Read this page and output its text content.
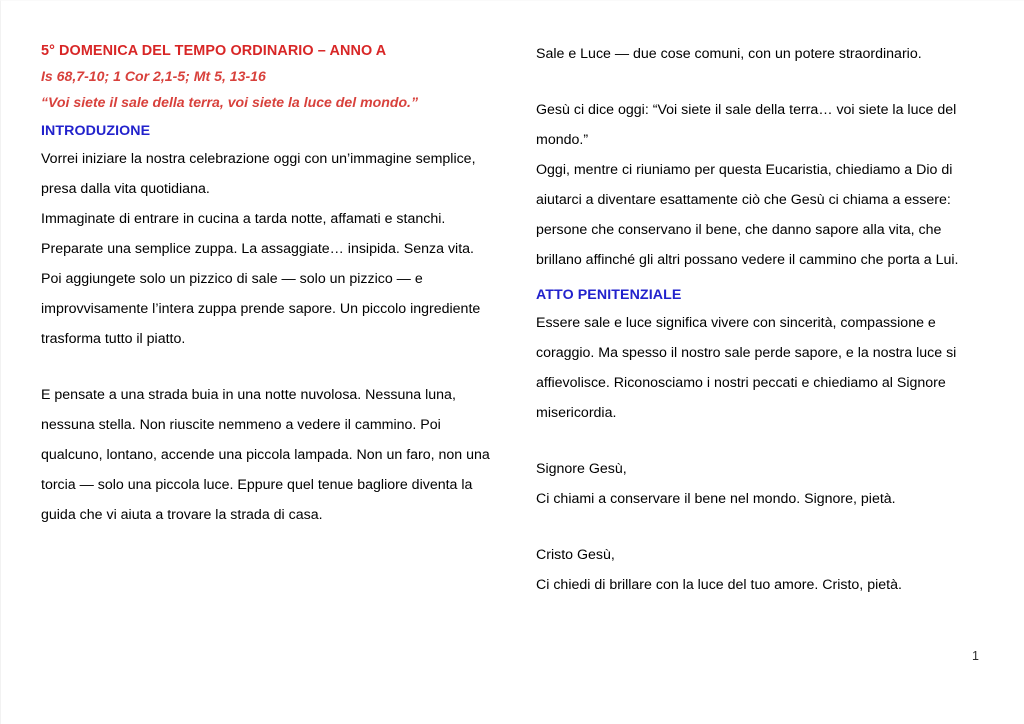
5° DOMENICA DEL TEMPO ORDINARIO – ANNO A
Is 68,7-10; 1 Cor 2,1-5; Mt 5, 13-16
“Voi siete il sale della terra, voi siete la luce del mondo.”
INTRODUZIONE

Vorrei iniziare la nostra celebrazione oggi con un’immagine semplice, presa dalla vita quotidiana.

Immaginate di entrare in cucina a tarda notte, affamati e stanchi. Preparate una semplice zuppa. La assaggiate… insipida. Senza vita. Poi aggiungete solo un pizzico di sale — solo un pizzico — e improvvisamente l’intera zuppa prende sapore. Un piccolo ingrediente trasforma tutto il piatto.

E pensate a una strada buia in una notte nuvolosa. Nessuna luna, nessuna stella. Non riuscite nemmeno a vedere il cammino. Poi qualcuno, lontano, accende una piccola lampada. Non un faro, non una torcia — solo una piccola luce. Eppure quel tenue bagliore diventa la guida che vi aiuta a trovare la strada di casa.

Sale e Luce — due cose comuni, con un potere straordinario.

Gesù ci dice oggi: “Voi siete il sale della terra… voi siete la luce del mondo.”

Oggi, mentre ci riuniamo per questa Eucaristia, chiediamo a Dio di aiutarci a diventare esattamente ciò che Gesù ci chiama a essere: persone che conservano il bene, che danno sapore alla vita, che brillano affinché gli altri possano vedere il cammino che porta a Lui.

ATTO PENITENZIALE

Essere sale e luce significa vivere con sincerità, compassione e coraggio. Ma spesso il nostro sale perde sapore, e la nostra luce si affievolisce. Riconosciamo i nostri peccati e chiediamo al Signore misericordia.

Signore Gesù,

Ci chiami a conservare il bene nel mondo. Signore, pietà.

Cristo Gesù,

Ci chiedi di brillare con la luce del tuo amore. Cristo, pietà.

1
